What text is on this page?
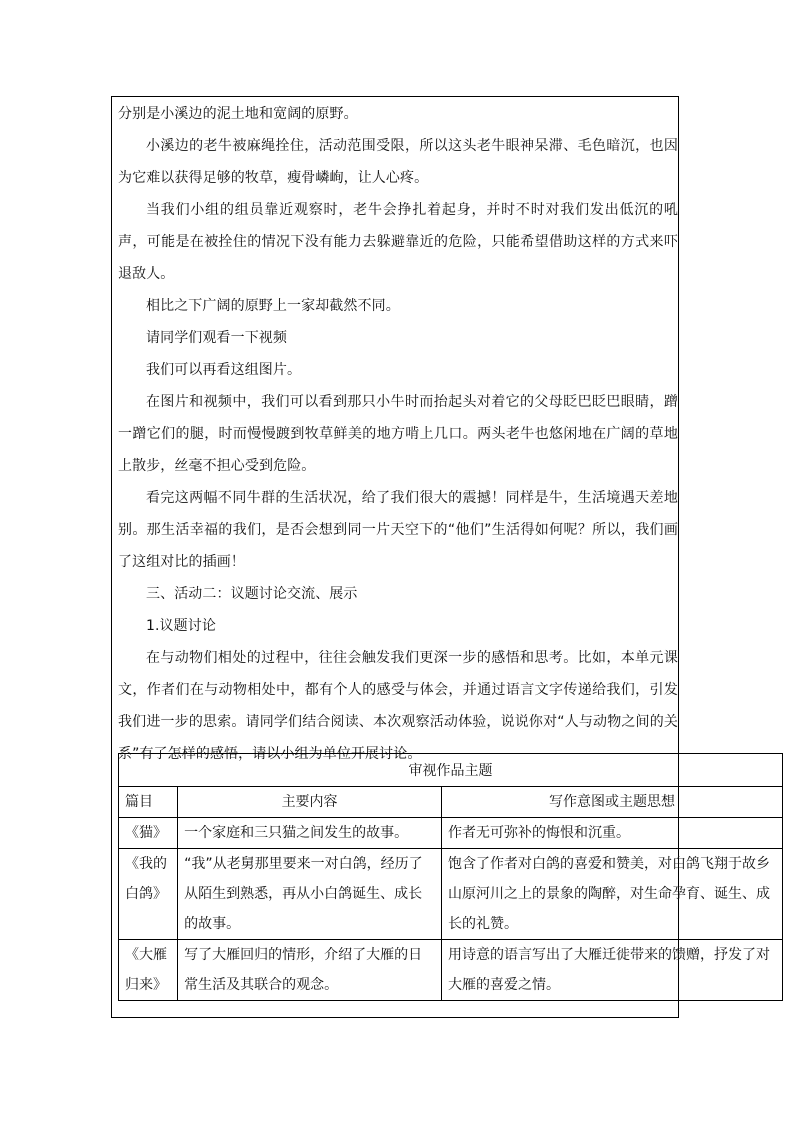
分别是小溪边的泥土地和宽阔的原野。

小溪边的老牛被麻绳拴住，活动范围受限，所以这头老牛眼神呆滞、毛色暗沉，也因为它难以获得足够的牧草，瘦骨嶙峋，让人心疼。

当我们小组的组员靠近观察时，老牛会挣扎着起身，并时不时对我们发出低沉的吼声，可能是在被拴住的情况下没有能力去躲避靠近的危险，只能希望借助这样的方式来吓退敌人。

相比之下广阔的原野上一家却截然不同。

请同学们观看一下视频

我们可以再看这组图片。

在图片和视频中，我们可以看到那只小牛时而抬起头对着它的父母眨巴眨巴眼睛，蹭一蹭它们的腿，时而慢慢踱到牧草鲜美的地方啃上几口。两头老牛也悠闲地在广阔的草地上散步，丝毫不担心受到危险。

看完这两幅不同牛群的生活状况，给了我们很大的震撼！同样是牛，生活境遇天差地别。那生活幸福的我们，是否会想到同一片天空下的“他们”生活得如何呢？所以，我们画了这组对比的插画！

三、活动二：议题讨论交流、展示

1.议题讨论

在与动物们相处的过程中，往往会触发我们更深一步的感悟和思考。比如，本单元课文，作者们在与动物相处中，都有个人的感受与体会，并通过语言文字传递给我们，引发我们进一步的思索。请同学们结合阅读、本次观察活动体验，说说你对“人与动物之间的关系”有了怎样的感悟，请以小组为单位开展讨论。

审视作品主题		
篇目	主要内容	写作意图或主题思想
《猫》	一个家庭和三只猫之间发生的故事。	作者无可弥补的悔恨和沉重。
《我的白鸽》	“我”从老舅那里要来一对白鸽，经历了从陌生到熟悉，再从小白鸽诞生、成长的故事。	饱含了作者对白鸽的喜爱和赞美，对白鸽飞翔于故乡山原河川之上的景象的陶醉，对生命孕育、诞生、成长的礼赞。
《大雁归来》	写了大雁回归的情形，介绍了大雁的日常生活及其联合的观念。	用诗意的语言写出了大雁迁徙带来的馈赠，抒发了对大雁的喜爱之情。
